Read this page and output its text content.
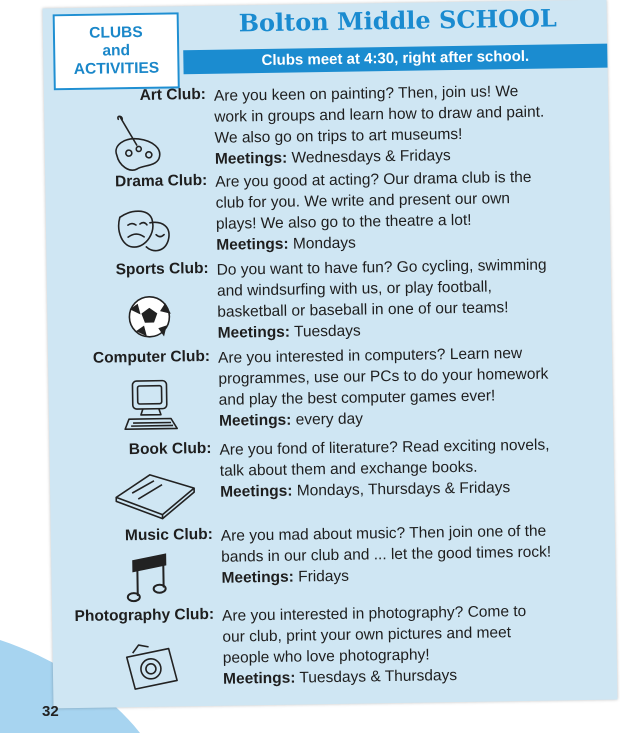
CLUBS
and
ACTIVITIES
Bolton Middle SCHOOL
Clubs meet at 4:30, right after school.
Art Club: Are you keen on painting? Then, join us! We
work in groups and learn how to draw and paint.
We also go on trips to art museums!
Meetings: Wednesdays & Fridays
Drama Club: Are you good at acting? Our drama club is the
club for you. We write and present our own
plays! We also go to the theatre a lot!
Meetings: Mondays
Sports Club: Do you want to have fun? Go cycling, swimming
and windsurfing with us, or play football,
basketball or baseball in one of our teams!
Meetings: Tuesdays
Computer Club: Are you interested in computers? Learn new
programmes, use our PCs to do your homework
and play the best computer games ever!
Meetings: every day
Book Club: Are you fond of literature? Read exciting novels,
talk about them and exchange books.
Meetings: Mondays, Thursdays & Fridays
Music Club: Are you mad about music? Then join one of the
bands in our club and ... let the good times rock!
Meetings: Fridays
Photography Club: Are you interested in photography? Come to
our club, print your own pictures and meet
people who love photography!
Meetings: Tuesdays & Thursdays
32
